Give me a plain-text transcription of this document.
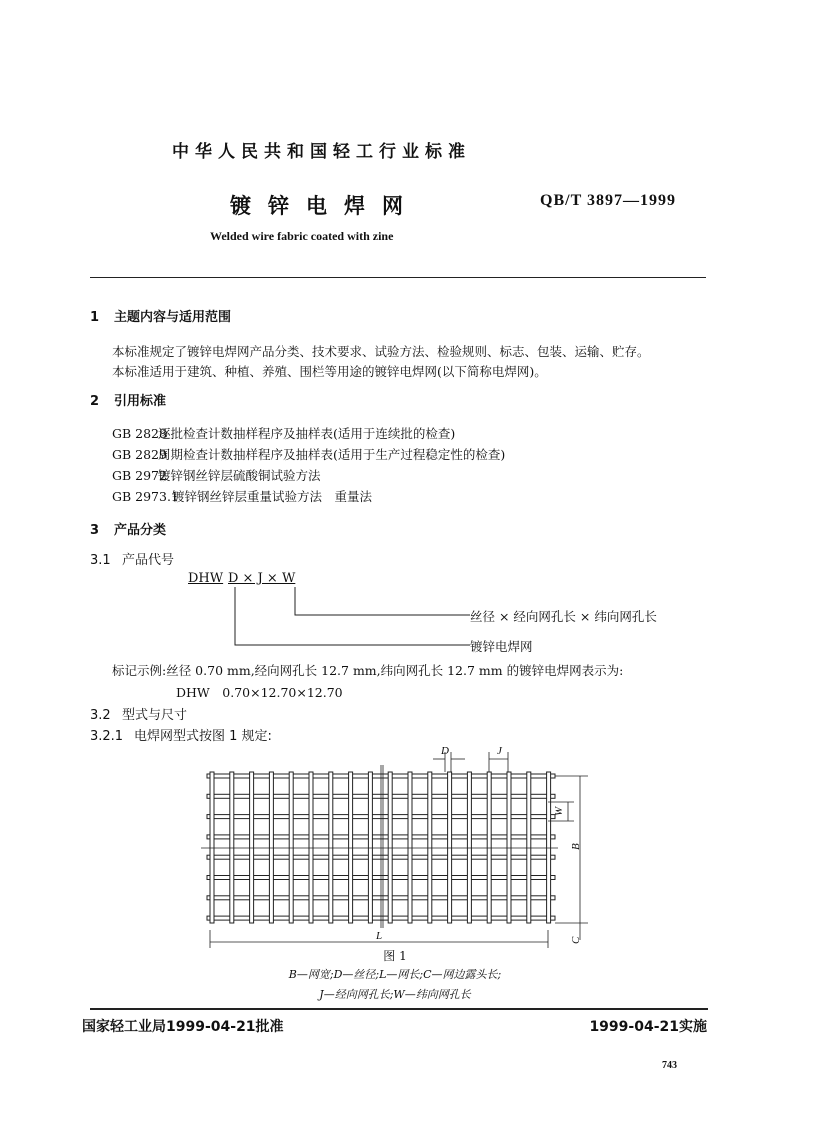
中华人民共和国轻工行业标准
镀锌电焊网	QB/T 3897—1999
Welded wire fabric coated with zine
1 主题内容与适用范围
本标准规定了镀锌电焊网产品分类、技术要求、试验方法、检验规则、标志、包装、运输、贮存。
本标准适用于建筑、种植、养殖、围栏等用途的镀锌电焊网(以下简称电焊网)。
2 引用标准
GB 2828 逐批检查计数抽样程序及抽样表(适用于连续批的检查)
GB 2829 周期检查计数抽样程序及抽样表(适用于生产过程稳定性的检查)
GB 2972 镀锌钢丝锌层硫酸铜试验方法
GB 2973.1 镀锌钢丝锌层重量试验方法　重量法
3 产品分类
3.1 产品代号
DHW D × J × W
丝径 × 经向网孔长 × 纬向网孔长
镀锌电焊网
标记示例:丝径 0.70 mm,经向网孔长 12.7 mm,纬向网孔长 12.7 mm 的镀锌电焊网表示为:
DHW　0.70×12.70×12.70
3.2 型式与尺寸
3.2.1 电焊网型式按图 1 规定:
D	J
W
B
L	C
图 1
B—网宽;D—丝径;L—网长;C—网边露头长;
J—经向网孔长;W—纬向网孔长
国家轻工业局1999-04-21批准	1999-04-21实施
743
